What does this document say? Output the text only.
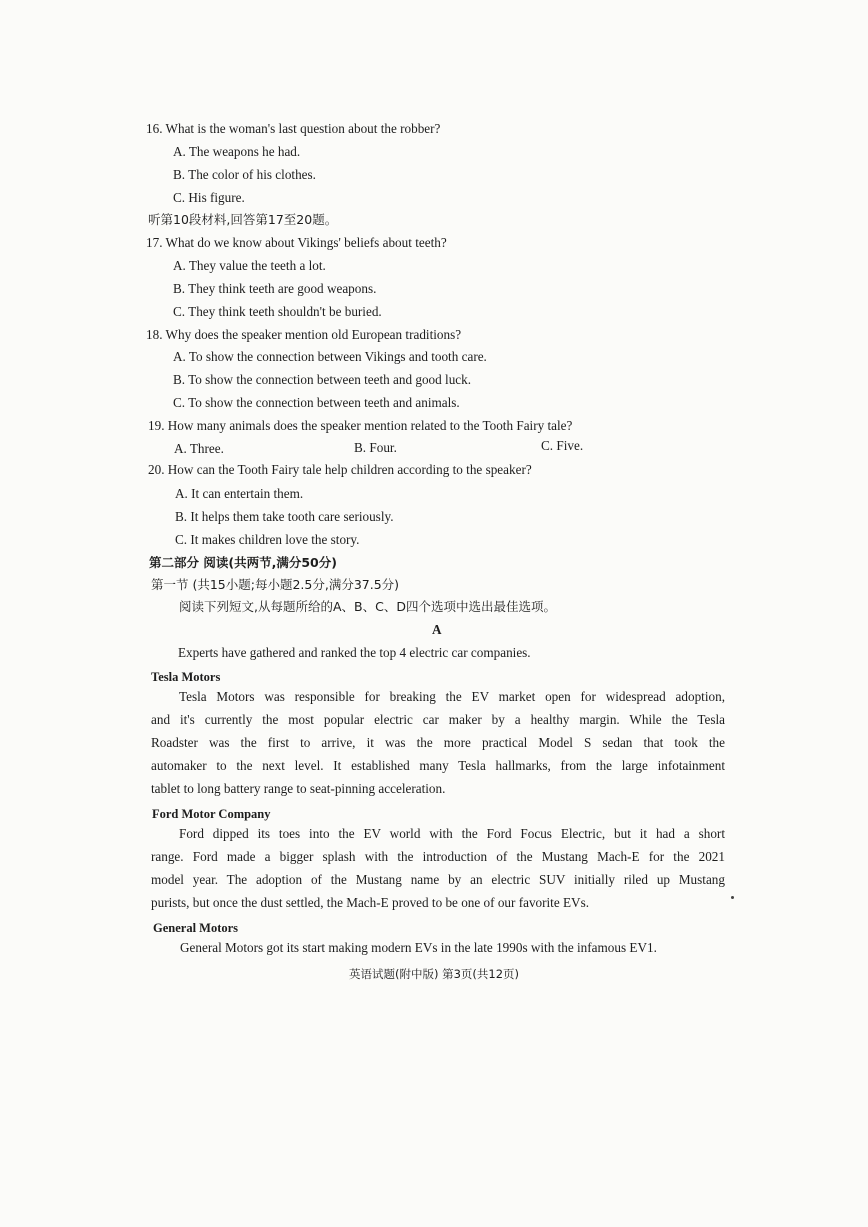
16. What is the woman's last question about the robber?
A. The weapons he had.
B. The color of his clothes.
C. His figure.
听第10段材料,回答第17至20题。
17. What do we know about Vikings' beliefs about teeth?
A. They value the teeth a lot.
B. They think teeth are good weapons.
C. They think teeth shouldn't be buried.
18. Why does the speaker mention old European traditions?
A. To show the connection between Vikings and tooth care.
B. To show the connection between teeth and good luck.
C. To show the connection between teeth and animals.
19. How many animals does the speaker mention related to the Tooth Fairy tale?
A. Three.	B. Four.	C. Five.
20. How can the Tooth Fairy tale help children according to the speaker?
A. It can entertain them.
B. It helps them take tooth care seriously.
C. It makes children love the story.
第二部分 阅读(共两节,满分50分)
第一节 (共15小题;每小题2.5分,满分37.5分)
阅读下列短文,从每题所给的A、B、C、D四个选项中选出最佳选项。
A
Experts have gathered and ranked the top 4 electric car companies.
Tesla Motors
Tesla Motors was responsible for breaking the EV market open for widespread adoption,
and it's currently the most popular electric car maker by a healthy margin. While the Tesla
Roadster was the first to arrive, it was the more practical Model S sedan that took the
automaker to the next level. It established many Tesla hallmarks, from the large infotainment
tablet to long battery range to seat-pinning acceleration.
Ford Motor Company
Ford dipped its toes into the EV world with the Ford Focus Electric, but it had a short
range. Ford made a bigger splash with the introduction of the Mustang Mach-E for the 2021
model year. The adoption of the Mustang name by an electric SUV initially riled up Mustang
purists, but once the dust settled, the Mach-E proved to be one of our favorite EVs.
General Motors
General Motors got its start making modern EVs in the late 1990s with the infamous EV1.
英语试题(附中版) 第3页(共12页)
